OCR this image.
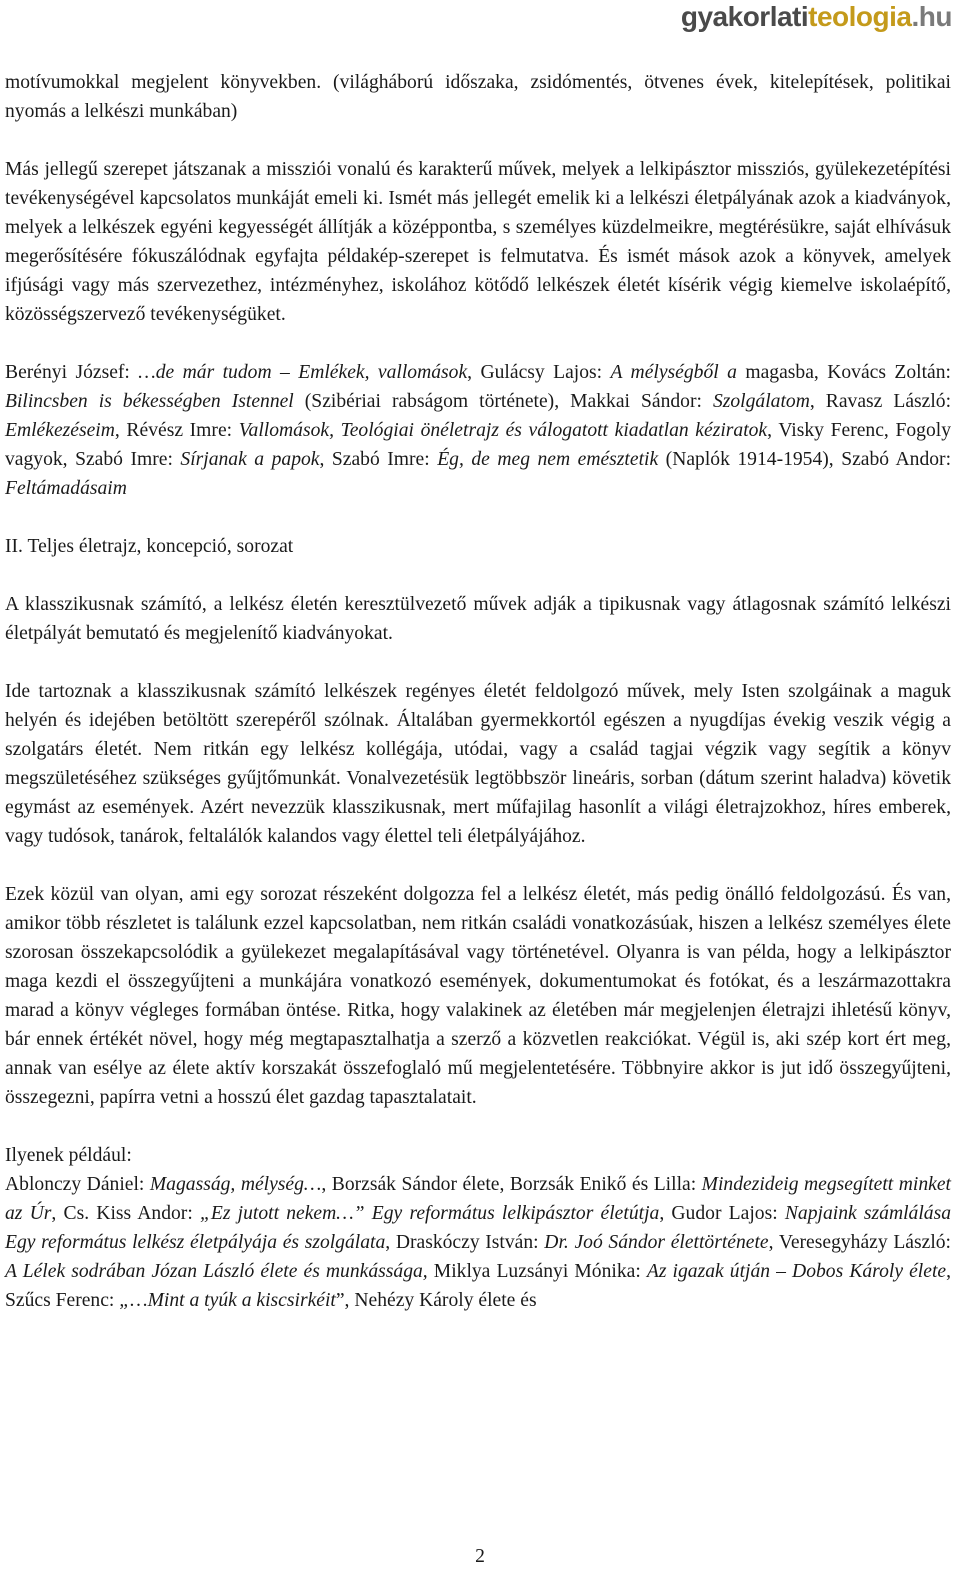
gyakorlatiteologia.hu

motívumokkal megjelent könyvekben. (világháború időszaka, zsidómentés, ötvenes évek, kitelepítések, politikai nyomás a lelkészi munkában)

Más jellegű szerepet játszanak a missziói vonalú és karakterű művek, melyek a lelkipásztor missziós, gyülekezetépítési tevékenységével kapcsolatos munkáját emeli ki. Ismét más jellegét emelik ki a lelkészi életpályának azok a kiadványok, melyek a lelkészek egyéni kegyességét állítják a középpontba, s személyes küzdelmeikre, megtérésükre, saját elhívásuk megerősítésére fókuszálódnak egyfajta példakép-szerepet is felmutatva. És ismét mások azok a könyvek, amelyek ifjúsági vagy más szervezethez, intézményhez, iskolához kötődő lelkészek életét kísérik végig kiemelve iskolaépítő, közösségszervező tevékenységüket.

Berényi József: …de már tudom – Emlékek, vallomások, Gulácsy Lajos: A mélységből a magasba, Kovács Zoltán: Bilincsben is békességben Istennel (Szibériai rabságom története), Makkai Sándor: Szolgálatom, Ravasz László: Emlékezéseim, Révész Imre: Vallomások, Teológiai önéletrajz és válogatott kiadatlan kéziratok, Visky Ferenc, Fogoly vagyok, Szabó Imre: Sírjanak a papok, Szabó Imre: Ég, de meg nem emésztetik (Naplók 1914-1954), Szabó Andor: Feltámadásaim

II. Teljes életrajz, koncepció, sorozat

A klasszikusnak számító, a lelkész életén keresztülvezető művek adják a tipikusnak vagy átlagosnak számító lelkészi életpályát bemutató és megjelenítő kiadványokat.

Ide tartoznak a klasszikusnak számító lelkészek regényes életét feldolgozó művek, mely Isten szolgáinak a maguk helyén és idejében betöltött szerepéről szólnak. Általában gyermekkortól egészen a nyugdíjas évekig veszik végig a szolgatárs életét. Nem ritkán egy lelkész kollégája, utódai, vagy a család tagjai végzik vagy segítik a könyv megszületéséhez szükséges gyűjtőmunkát. Vonalvezetésük legtöbbször lineáris, sorban (dátum szerint haladva) követik egymást az események. Azért nevezzük klasszikusnak, mert műfajilag hasonlít a világi életrajzokhoz, híres emberek, vagy tudósok, tanárok, feltalálók kalandos vagy élettel teli életpályájához.

Ezek közül van olyan, ami egy sorozat részeként dolgozza fel a lelkész életét, más pedig önálló feldolgozású. És van, amikor több részletet is találunk ezzel kapcsolatban, nem ritkán családi vonatkozásúak, hiszen a lelkész személyes élete szorosan összekapcsolódik a gyülekezet megalapításával vagy történetével. Olyanra is van példa, hogy a lelkipásztor maga kezdi el összegyűjteni a munkájára vonatkozó események, dokumentumokat és fotókat, és a leszármazottakra marad a könyv végleges formában öntése. Ritka, hogy valakinek az életében már megjelenjen életrajzi ihletésű könyv, bár ennek értékét növel, hogy még megtapasztalhatja a szerző a közvetlen reakciókat. Végül is, aki szép kort ért meg, annak van esélye az élete aktív korszakát összefoglaló mű megjelentetésére. Többnyire akkor is jut idő összegyűjteni, összegezni, papírra vetni a hosszú élet gazdag tapasztalatait.

Ilyenek például:

Ablonczy Dániel: Magasság, mélység…, Borzsák Sándor élete, Borzsák Enikő és Lilla: Mindezideig megsegített minket az Úr, Cs. Kiss Andor: „Ez jutott nekem…” Egy református lelkipásztor életútja, Gudor Lajos: Napjaink számlálása Egy református lelkész életpályája és szolgálata, Draskóczy István: Dr. Joó Sándor élettörténete, Veresegyházy László: A Lélek sodrában Józan László élete és munkássága, Miklya Luzsányi Mónika: Az igazak útján – Dobos Károly élete, Szűcs Ferenc: „…Mint a tyúk a kiscsirkéit”, Nehézy Károly élete és

2
